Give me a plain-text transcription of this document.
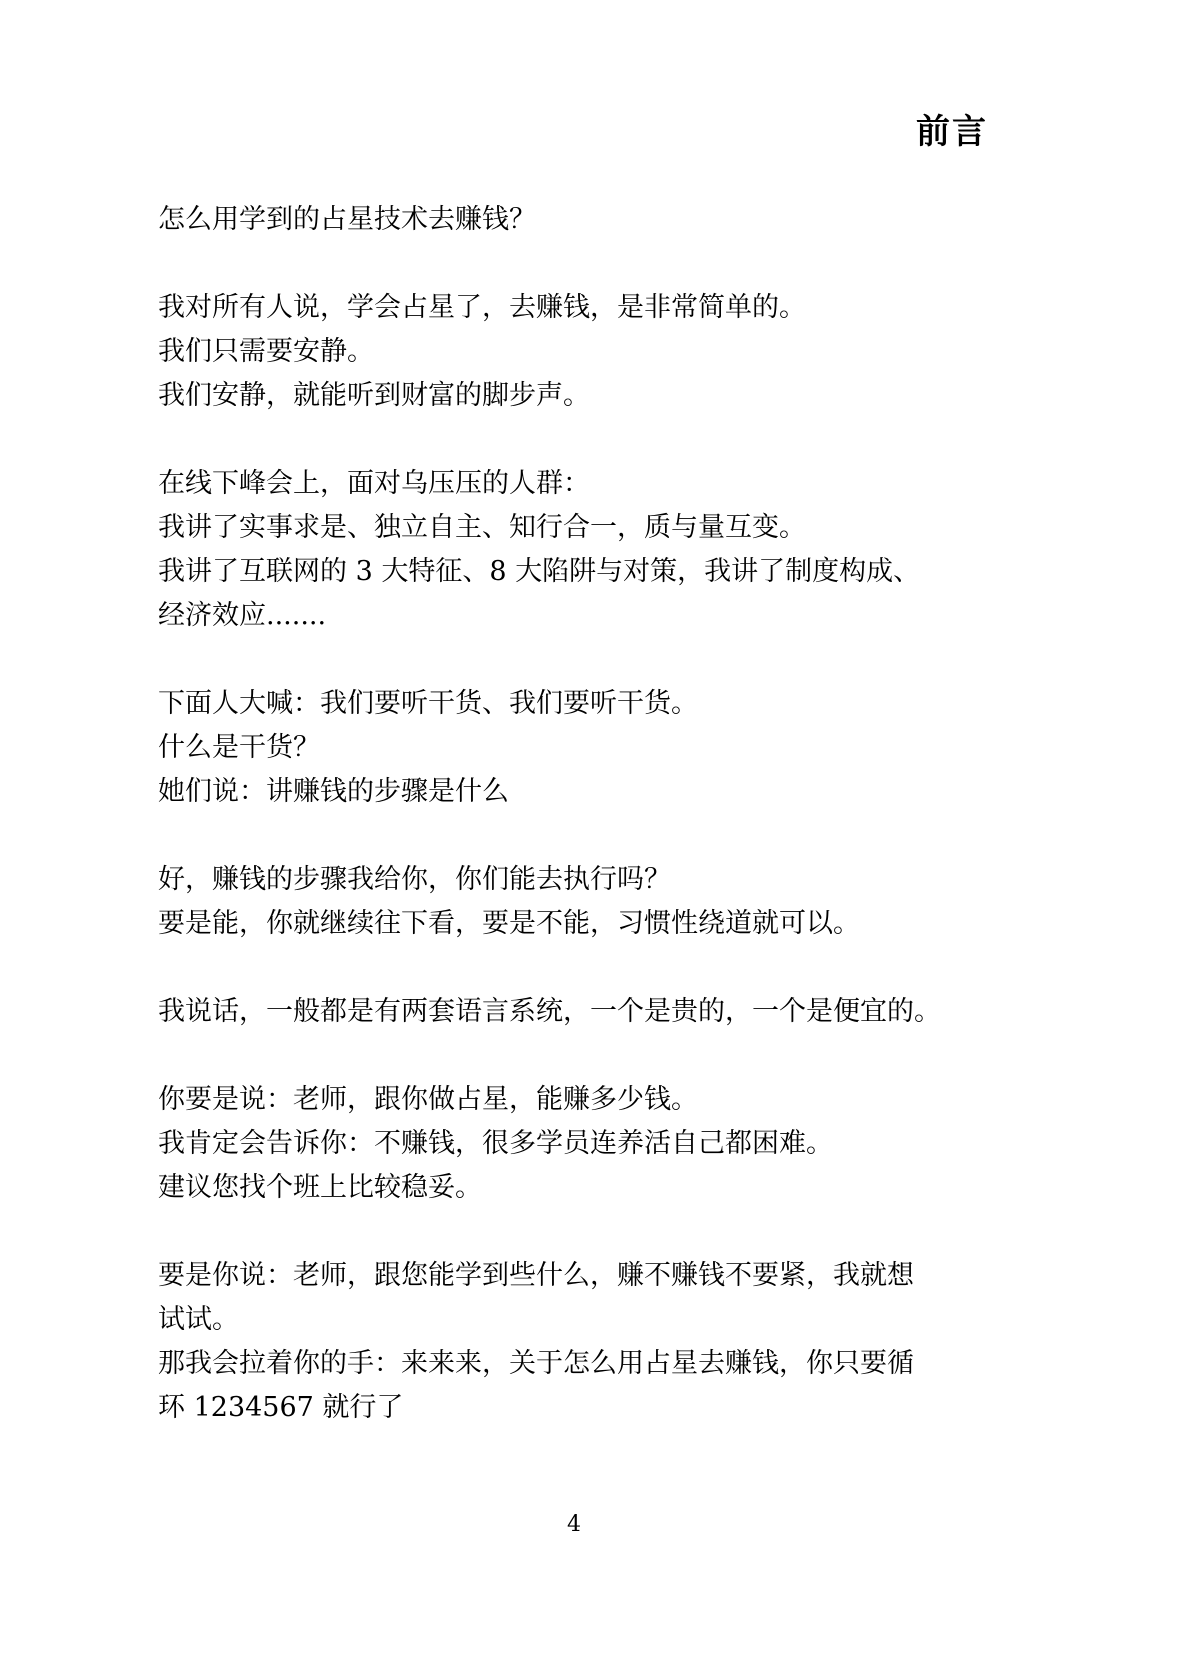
前言
怎么用学到的占星技术去赚钱？
我对所有人说，学会占星了，去赚钱，是非常简单的。
我们只需要安静。
我们安静，就能听到财富的脚步声。
在线下峰会上，面对乌压压的人群：
我讲了实事求是、独立自主、知行合一，质与量互变。
我讲了互联网的 3 大特征、8 大陷阱与对策，我讲了制度构成、
经济效应.......
下面人大喊：我们要听干货、我们要听干货。
什么是干货？
她们说：讲赚钱的步骤是什么
好，赚钱的步骤我给你，你们能去执行吗？
要是能，你就继续往下看，要是不能，习惯性绕道就可以。
我说话，一般都是有两套语言系统，一个是贵的，一个是便宜的。
你要是说：老师，跟你做占星，能赚多少钱。
我肯定会告诉你：不赚钱，很多学员连养活自己都困难。
建议您找个班上比较稳妥。
要是你说：老师，跟您能学到些什么，赚不赚钱不要紧，我就想
试试。
那我会拉着你的手：来来来，关于怎么用占星去赚钱，你只要循
环 1234567 就行了
4
